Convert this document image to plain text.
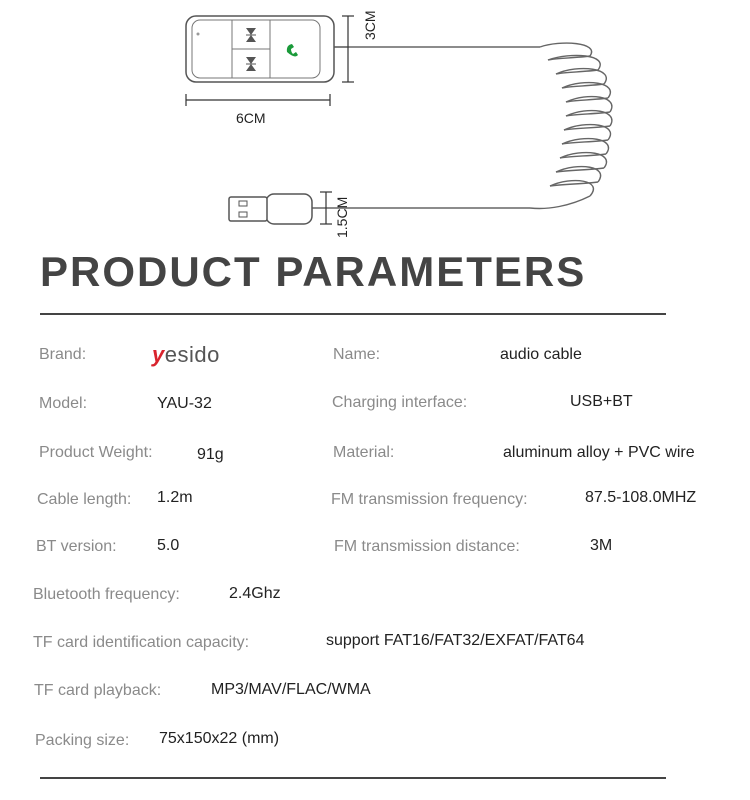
6CM
3CM
1.5CM
PRODUCT PARAMETERS
Brand:	yesido	Name:	audio cable
Model:	YAU-32	Charging interface:	USB+BT
Product Weight:	91g	Material:	aluminum alloy + PVC wire
Cable length: 1.2m	FM transmission frequency:	87.5-108.0MHZ
BT version:	5.0	FM transmission distance:	3M
Bluetooth frequency:	2.4Ghz
TF card identification capacity:	support FAT16/FAT32/EXFAT/FAT64
TF card playback:	MP3/MAV/FLAC/WMA
Packing size: 75x150x22 (mm)
